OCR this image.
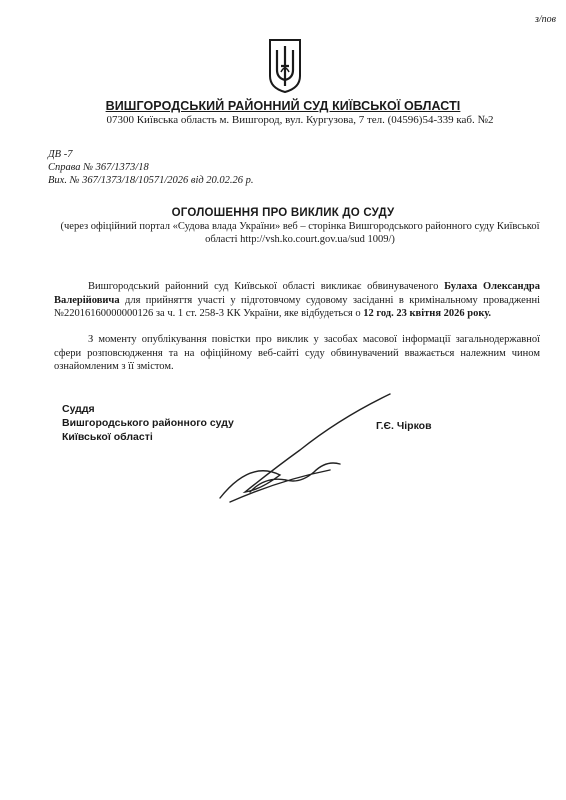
з/пов
ВИШГОРОДСЬКИЙ РАЙОННИЙ СУД КИЇВСЬКОЇ ОБЛАСТІ
07300 Київська область м. Вишгород, вул. Кургузова, 7 тел. (04596)54-339 каб. №2
ДВ -7
Справа № 367/1373/18
Вих. № 367/1373/18/10571/2026 від 20.02.26 р.
ОГОЛОШЕННЯ ПРО ВИКЛИК ДО СУДУ
(через офіційний портал «Судова влада України» веб – сторінка Вишгородського районного суду Київської області http://vsh.ko.court.gov.ua/sud 1009/)
Вишгородський районний суд Київської області викликає обвинуваченого Булаха Олександра Валерійовича для прийняття участі у підготовчому судовому засіданні в кримінальному провадженні №22016160000000126 за ч. 1 ст. 258-3 КК України, яке відбудеться о 12 год. 23 квітня 2026 року.
З моменту опублікування повістки про виклик у засобах масової інформації загальнодержавної сфери розповсюдження та на офіційному веб-сайті суду обвинувачений вважається належним чином ознайомленим з її змістом.
Суддя
Вишгородського районного суду
Київської області
Г.Є. Чірков
